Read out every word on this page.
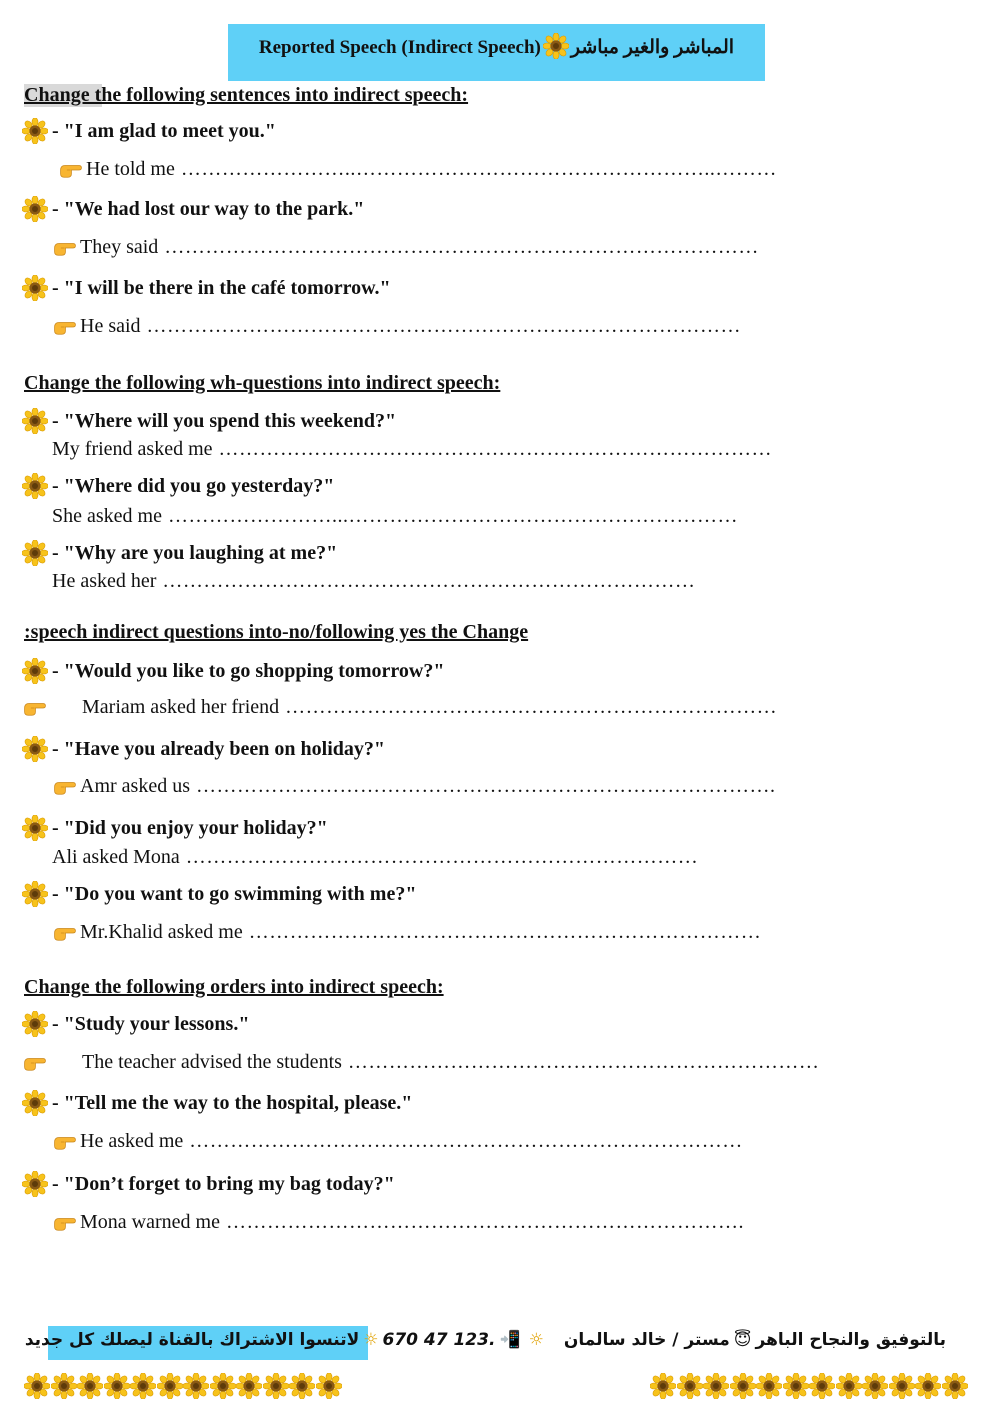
Reported Speech (Indirect Speech) المباشر والغير مباشر
Change the following sentences into indirect speech:
- "I am glad to meet you."
He told me ……………………..……………………………………………..………
- "We had lost our way to the park."
They said ……………………………………………………………………………
- "I will be there in the café tomorrow."
He said ……………………………………………………………………………
Change the following wh-questions into indirect speech:
- "Where will you spend this weekend?"
My friend asked me ………………………………………………………………………
- "Where did you go yesterday?"
She asked me ……………………...…………………………………………………
- "Why are you laughing at me?"
He asked her ……………………………………………………………………
:speech indirect questions into-no/following yes the Change
- "Would you like to go shopping tomorrow?"
Mariam asked her friend ………………………………………………………………
- "Have you already been on holiday?"
Amr asked us ………………………………………………………………………….
- "Did you enjoy your holiday?"
Ali asked Mona …………………………………………………………………
- "Do you want to go swimming with me?"
Mr.Khalid asked me …………………………………………………………………
Change the following orders into indirect speech:
- "Study your lessons."
The teacher advised the students ……………………………………………………………
- "Tell me the way to the hospital, please."
He asked me ………………………………………………………………………
- "Don’t forget to bring my bag today?"
Mona warned me ………………………………………………………………….
بالتوفيق والنجاح الباهر
😇
مستر / خالد سالمان
☼
📲
670 47 123.
☼
لاتنسوا الاشتراك بالقناة ليصلك كل جديد
